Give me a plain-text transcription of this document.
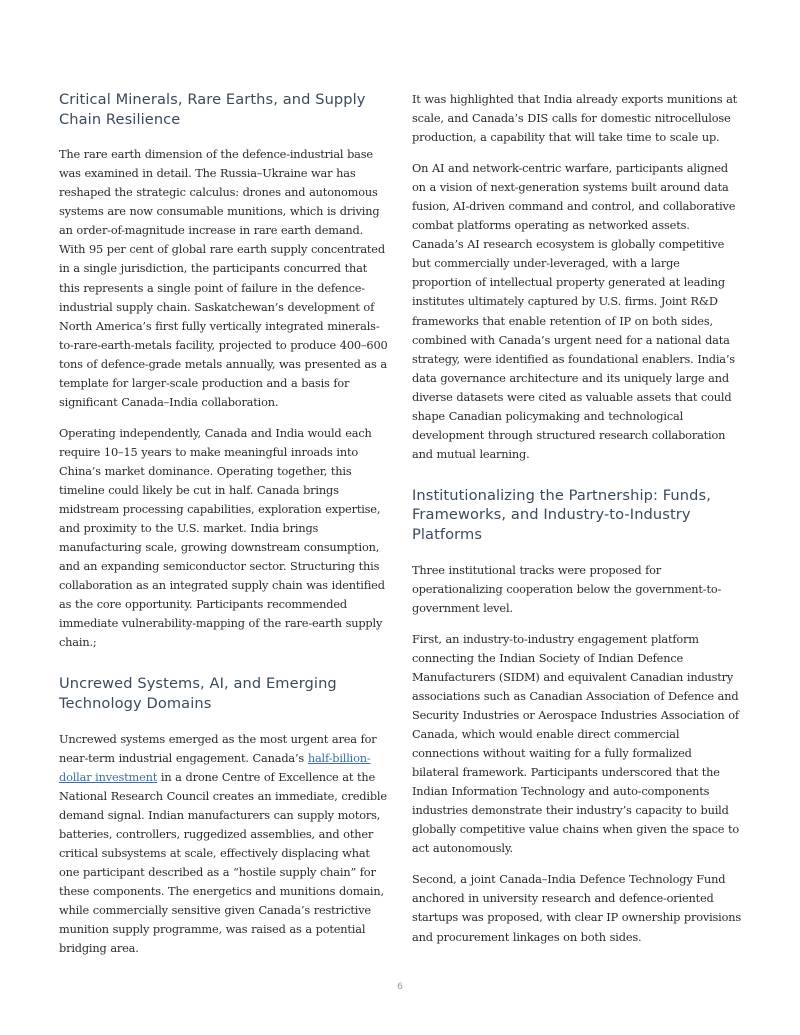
Critical Minerals, Rare Earths, and Supply Chain Resilience

The rare earth dimension of the defence-industrial base was examined in detail. The Russia–Ukraine war has reshaped the strategic calculus: drones and autonomous systems are now consumable munitions, which is driving an order-of-magnitude increase in rare earth demand. With 95 per cent of global rare earth supply concentrated in a single jurisdiction, the participants concurred that this represents a single point of failure in the defence-industrial supply chain. Saskatchewan’s development of North America’s first fully vertically integrated minerals-to-rare-earth-metals facility, projected to produce 400–600 tons of defence-grade metals annually, was presented as a template for larger-scale production and a basis for significant Canada–India collaboration.

Operating independently, Canada and India would each require 10–15 years to make meaningful inroads into China’s market dominance. Operating together, this timeline could likely be cut in half. Canada brings midstream processing capabilities, exploration expertise, and proximity to the U.S. market. India brings manufacturing scale, growing downstream consumption, and an expanding semiconductor sector. Structuring this collaboration as an integrated supply chain was identified as the core opportunity. Participants recommended immediate vulnerability-mapping of the rare-earth supply chain.;

Uncrewed Systems, AI, and Emerging Technology Domains

Uncrewed systems emerged as the most urgent area for near-term industrial engagement. Canada’s half-billion-dollar investment in a drone Centre of Excellence at the National Research Council creates an immediate, credible demand signal. Indian manufacturers can supply motors, batteries, controllers, ruggedized assemblies, and other critical subsystems at scale, effectively displacing what one participant described as a “hostile supply chain” for these components. The energetics and munitions domain, while commercially sensitive given Canada’s restrictive munition supply programme, was raised as a potential bridging area.

It was highlighted that India already exports munitions at scale, and Canada’s DIS calls for domestic nitrocellulose production, a capability that will take time to scale up.

On AI and network-centric warfare, participants aligned on a vision of next-generation systems built around data fusion, AI-driven command and control, and collaborative combat platforms operating as networked assets. Canada’s AI research ecosystem is globally competitive but commercially under-leveraged, with a large proportion of intellectual property generated at leading institutes ultimately captured by U.S. firms. Joint R&D frameworks that enable retention of IP on both sides, combined with Canada’s urgent need for a national data strategy, were identified as foundational enablers. India’s data governance architecture and its uniquely large and diverse datasets were cited as valuable assets that could shape Canadian policymaking and technological development through structured research collaboration and mutual learning.

Institutionalizing the Partnership: Funds, Frameworks, and Industry-to-Industry Platforms

Three institutional tracks were proposed for operationalizing cooperation below the government-to-government level.

First, an industry-to-industry engagement platform connecting the Indian Society of Indian Defence Manufacturers (SIDM) and equivalent Canadian industry associations such as Canadian Association of Defence and Security Industries or Aerospace Industries Association of Canada, which would enable direct commercial connections without waiting for a fully formalized bilateral framework. Participants underscored that the Indian Information Technology and auto-components industries demonstrate their industry’s capacity to build globally competitive value chains when given the space to act autonomously.

Second, a joint Canada–India Defence Technology Fund anchored in university research and defence-oriented startups was proposed, with clear IP ownership provisions and procurement linkages on both sides.

6
